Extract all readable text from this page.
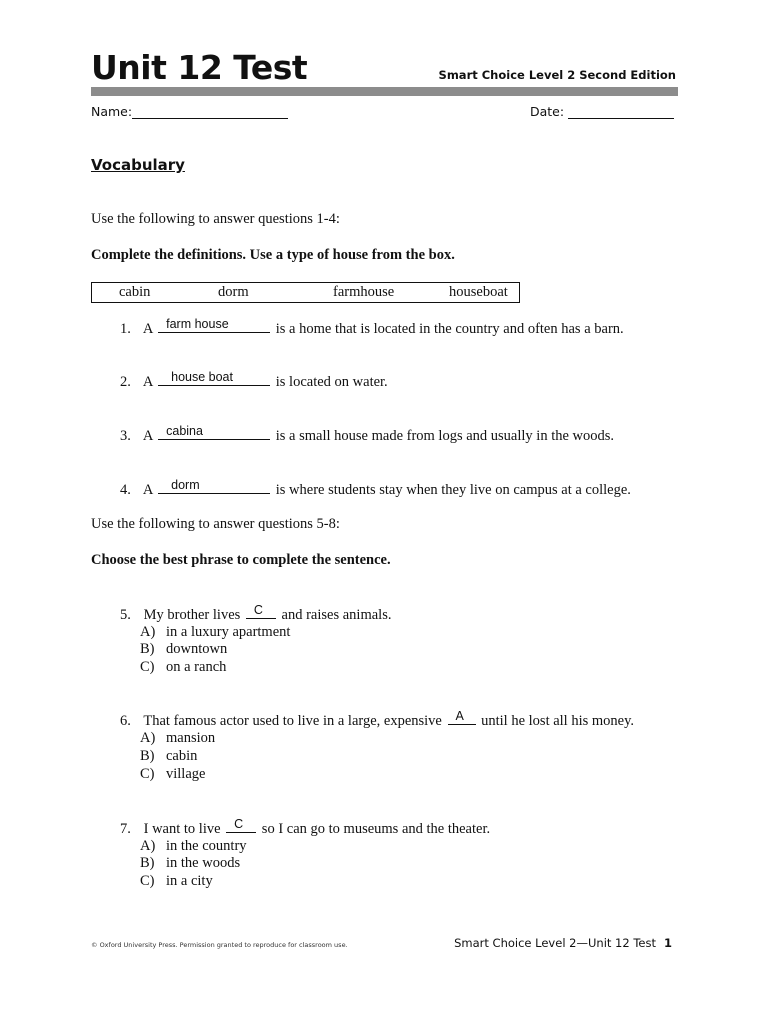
Unit 12 Test	Smart Choice Level 2 Second Edition
Name:	Date:
Vocabulary
Use the following to answer questions 1-4:
Complete the definitions. Use a type of house from the box.
cabin	dorm	farmhouse	houseboat
1. A farm house	is a home that is located in the country and often has a barn.
2. A house boat	is located on water.
3. A cabina	is a small house made from logs and usually in the woods.
4. A dorm	is where students stay when they live on campus at a college.
Use the following to answer questions 5-8:
Choose the best phrase to complete the sentence.
5. My brother lives C and raises animals.
A) in a luxury apartment
B) downtown
C) on a ranch
6. That famous actor used to live in a large, expensive A until he lost all his money.
A) mansion
B) cabin
C) village
7. I want to live C so I can go to museums and the theater.
A) in the country
B) in the woods
C) in a city
© Oxford University Press. Permission granted to reproduce for classroom use.	Smart Choice Level 2—Unit 12 Test 1
